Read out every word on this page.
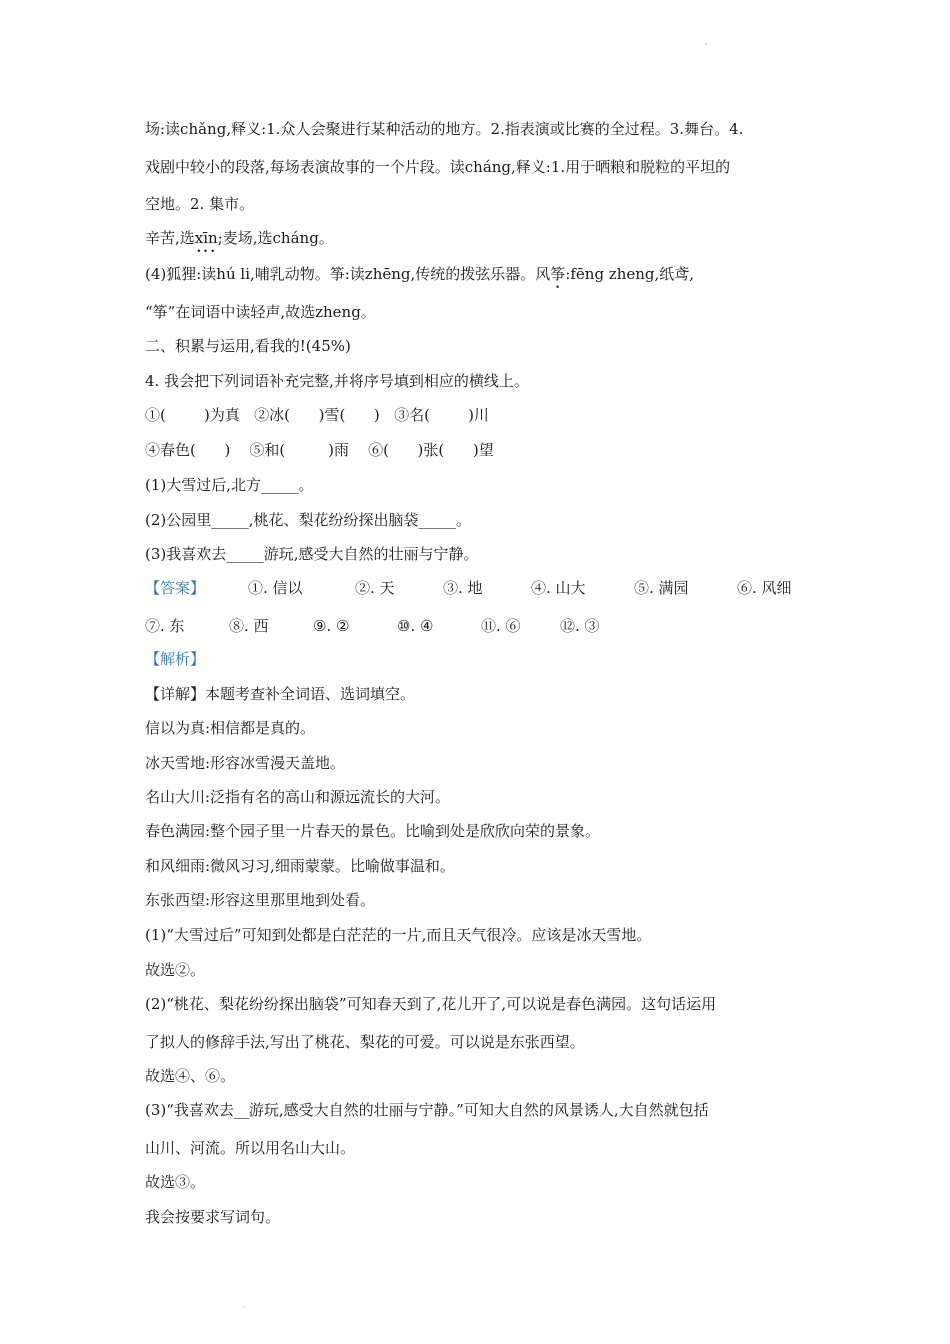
·
场:读chǎng,释义:1.众人会聚进行某种活动的地方。2.指表演或比赛的全过程。3.舞台。4.
戏剧中较小的段落,每场表演故事的一个片段。读cháng,释义:1.用于晒粮和脱粒的平坦的
空地。2. 集市。
辛苦,选xīn;麦场,选cháng。
(4)狐狸:读hú li,哺乳动物。筝:读zhēng,传统的拨弦乐器。风筝:fēng zheng,纸鸢,
“筝”在词语中读轻声,故选zheng。
二、积累与运用,看我的!(45%)
4. 我会把下列词语补充完整,并将序号填到相应的横线上。
①(        )为真   ②冰(      )雪(      )   ③名(        )川
④春色(      )    ⑤和(         )雨    ⑥(      )张(      )望
(1)大雪过后,北方_____。
(2)公园里_____,桃花、梨花纷纷探出脑袋_____。
(3)我喜欢去_____游玩,感受大自然的壮丽与宁静。
【答案】	①. 信以	②. 天	③. 地	④. 山大	⑤. 满园	⑥. 风细
⑦. 东	⑧. 西	⑨. ②	⑩. ④	⑪. ⑥	⑫. ③
【解析】
【详解】本题考查补全词语、选词填空。
信以为真:相信都是真的。
冰天雪地:形容冰雪漫天盖地。
名山大川:泛指有名的高山和源远流长的大河。
春色满园:整个园子里一片春天的景色。比喻到处是欣欣向荣的景象。
和风细雨:微风习习,细雨蒙蒙。比喻做事温和。
东张西望:形容这里那里地到处看。
(1)“大雪过后”可知到处都是白茫茫的一片,而且天气很冷。应该是冰天雪地。
故选②。
(2)“桃花、梨花纷纷探出脑袋”可知春天到了,花儿开了,可以说是春色满园。这句话运用
了拟人的修辞手法,写出了桃花、梨花的可爱。可以说是东张西望。
故选④、⑥。
(3)“我喜欢去__游玩,感受大自然的壮丽与宁静。”可知大自然的风景诱人,大自然就包括
山川、河流。所以用名山大山。
故选③。
我会按要求写词句。
·
